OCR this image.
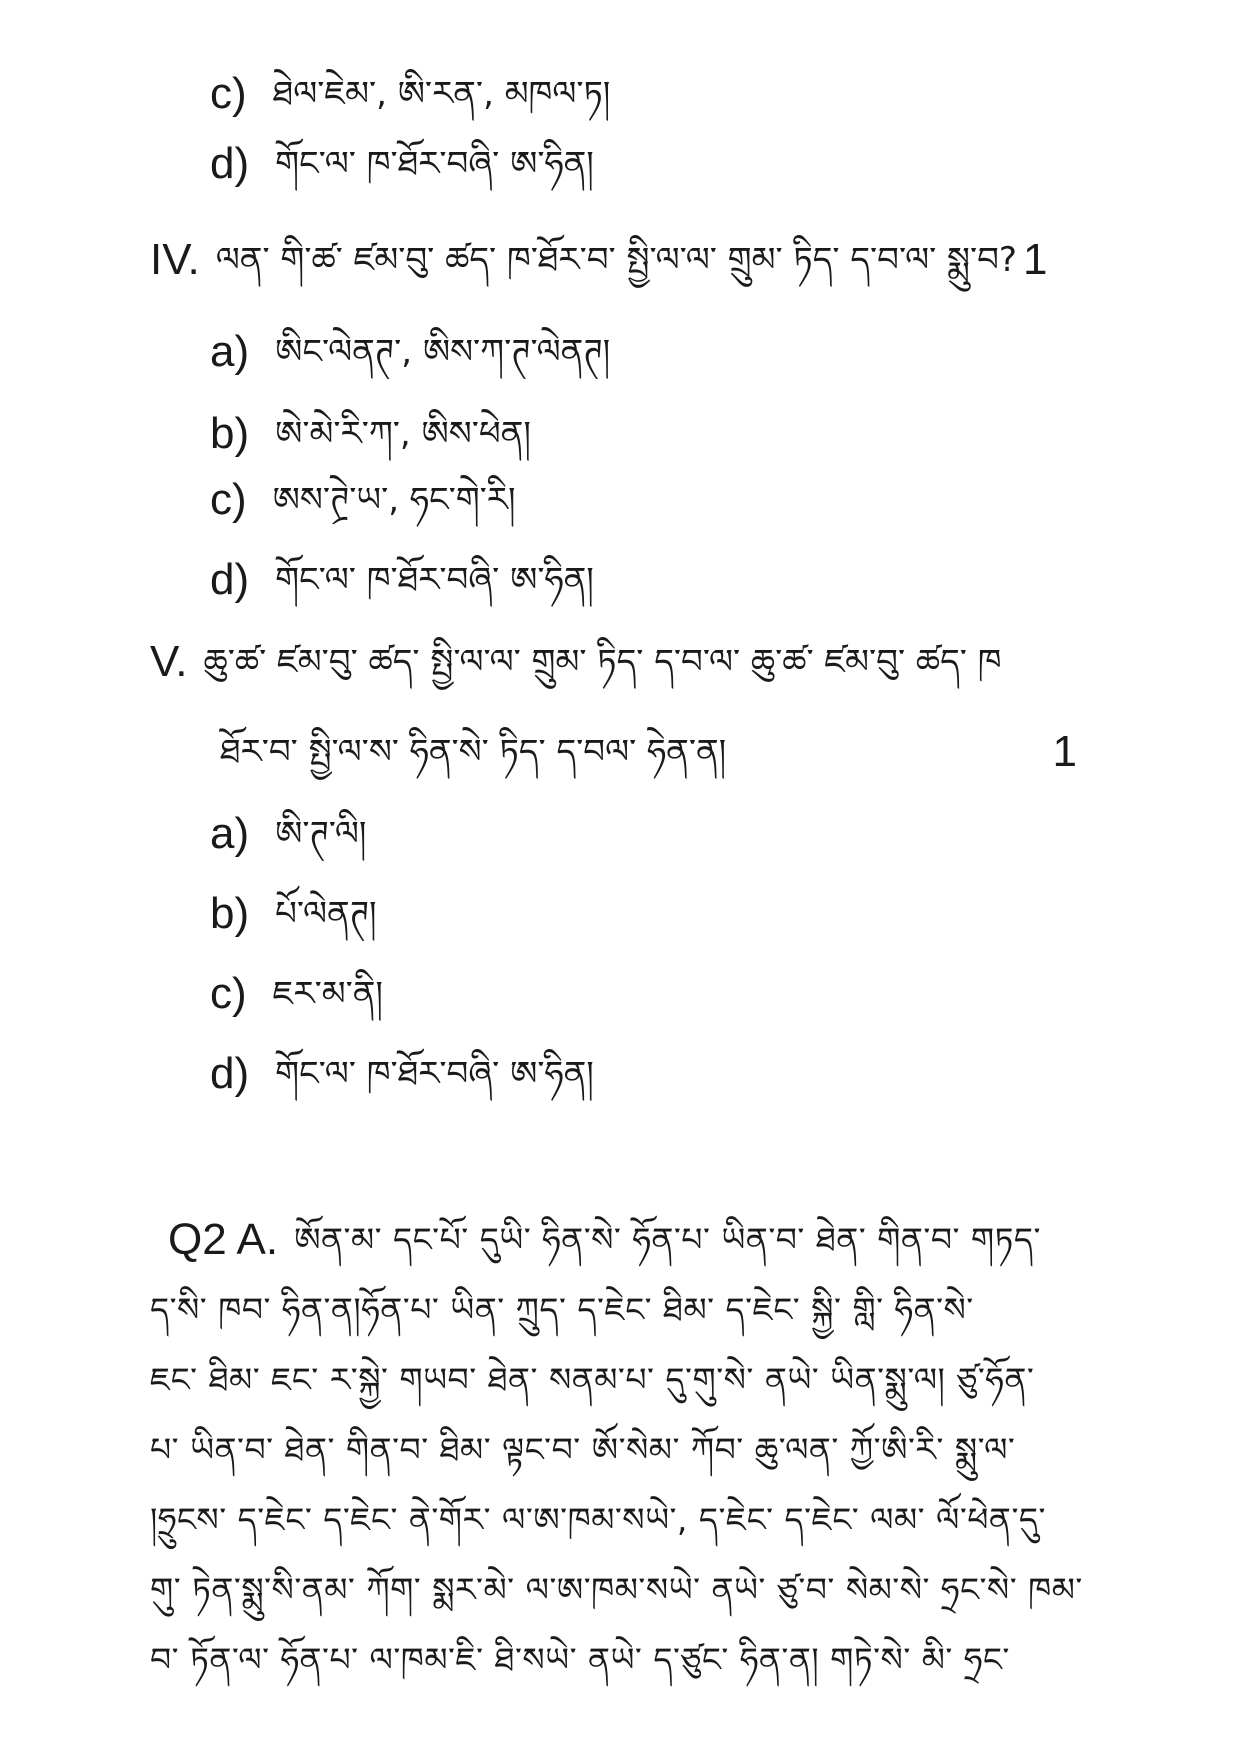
c) ཐེལ་ཇེམ་, ཨི་རན་, མཁལ་ཏ།
d) གོང་ལ་ ཁ་ཐོར་བཞི་ ཨ་ཧིན།
IV. ལན་ གི་ཚ་ ཛམ་བུ་ ཚད་ ཁ་ཐོར་བ་ སྤྱི་ལ་ལ་ གྲུམ་ ཏིད་ ད་བ་ལ་ སྨུ་བ? 1
a) ཨིང་ལེནཊ་, ཨིས་ཀ་ཊ་ལེནཊ།
b) ཨེ་མེ་རི་ཀ་, ཨིས་ཕེན།
c) ཨས་ཊྲེ་ཡ་, ཧང་གེ་རི།
d) གོང་ལ་ ཁ་ཐོར་བཞི་ ཨ་ཧིན།
V. ཆུ་ཚ་ ཛམ་བུ་ ཚད་ སྤྱི་ལ་ལ་ གྲུམ་ ཏིད་ ད་བ་ལ་ ཆུ་ཚ་ ཛམ་བུ་ ཚད་ ཁ
ཐོར་བ་ སྤྱི་ལ་ས་ ཧིན་སེ་ ཏིད་ ད་བལ་ ཧེན་ན།	1
a) ཨི་ཊ་ལི།
b) པོ་ལེནཊ།
c) ཇར་མ་ནི།
d) གོང་ལ་ ཁ་ཐོར་བཞི་ ཨ་ཧིན།
Q2 A. ཨོན་མ་ དང་པོ་ དུཡི་ ཧིན་སེ་ ཧོན་པ་ ཡིན་བ་ ཐེན་ གིན་བ་ གཏད་
ད་སི་ ཁབ་ ཧིན་ན།ཧོན་པ་ ཡིན་ ཀྲུད་ ད་ཇེང་ ཐིམ་ ད་ཇེང་ སྐྱི་ གླི་ ཧིན་སེ་
ཇང་ ཐིམ་ ཇང་ ར་སྐྱེ་ གཡབ་ ཐེན་ སནམ་པ་ དུ་གུ་སེ་ ནཡེ་ ཡིན་སྨུ་ལ། ཙུ་ཧོན་
པ་ ཡིན་བ་ ཐེན་ གིན་བ་ ཐིམ་ ལྟང་བ་ ཨོ་སེམ་ ཀོབ་ ཆུ་ལན་ ཀྱོ་ཨི་རི་ སྨུ་ལ་
།ཧྲུངས་ ད་ཇེང་ ད་ཇེང་ ནེ་གོར་ ལ་ཨ་ཁམ་སཡེ་, ད་ཇེང་ ད་ཇེང་ ལམ་ ལོ་ཕེན་དུ་
གུ་ ཏེན་སྨུ་སི་ནམ་ ཀོག་ སྨར་མེ་ ལ་ཨ་ཁམ་སཡེ་ ནཡེ་ ཙུ་བ་ སེམ་སེ་ ཧྲང་སེ་ ཁམ་
བ་ ཏོན་ལ་ ཧོན་པ་ ལ་ཁམ་ཇི་ ཐི་སཡེ་ ནཡེ་ ད་ཙུང་ ཧིན་ན། གཏེ་སེ་ མི་ ཧྲང་
